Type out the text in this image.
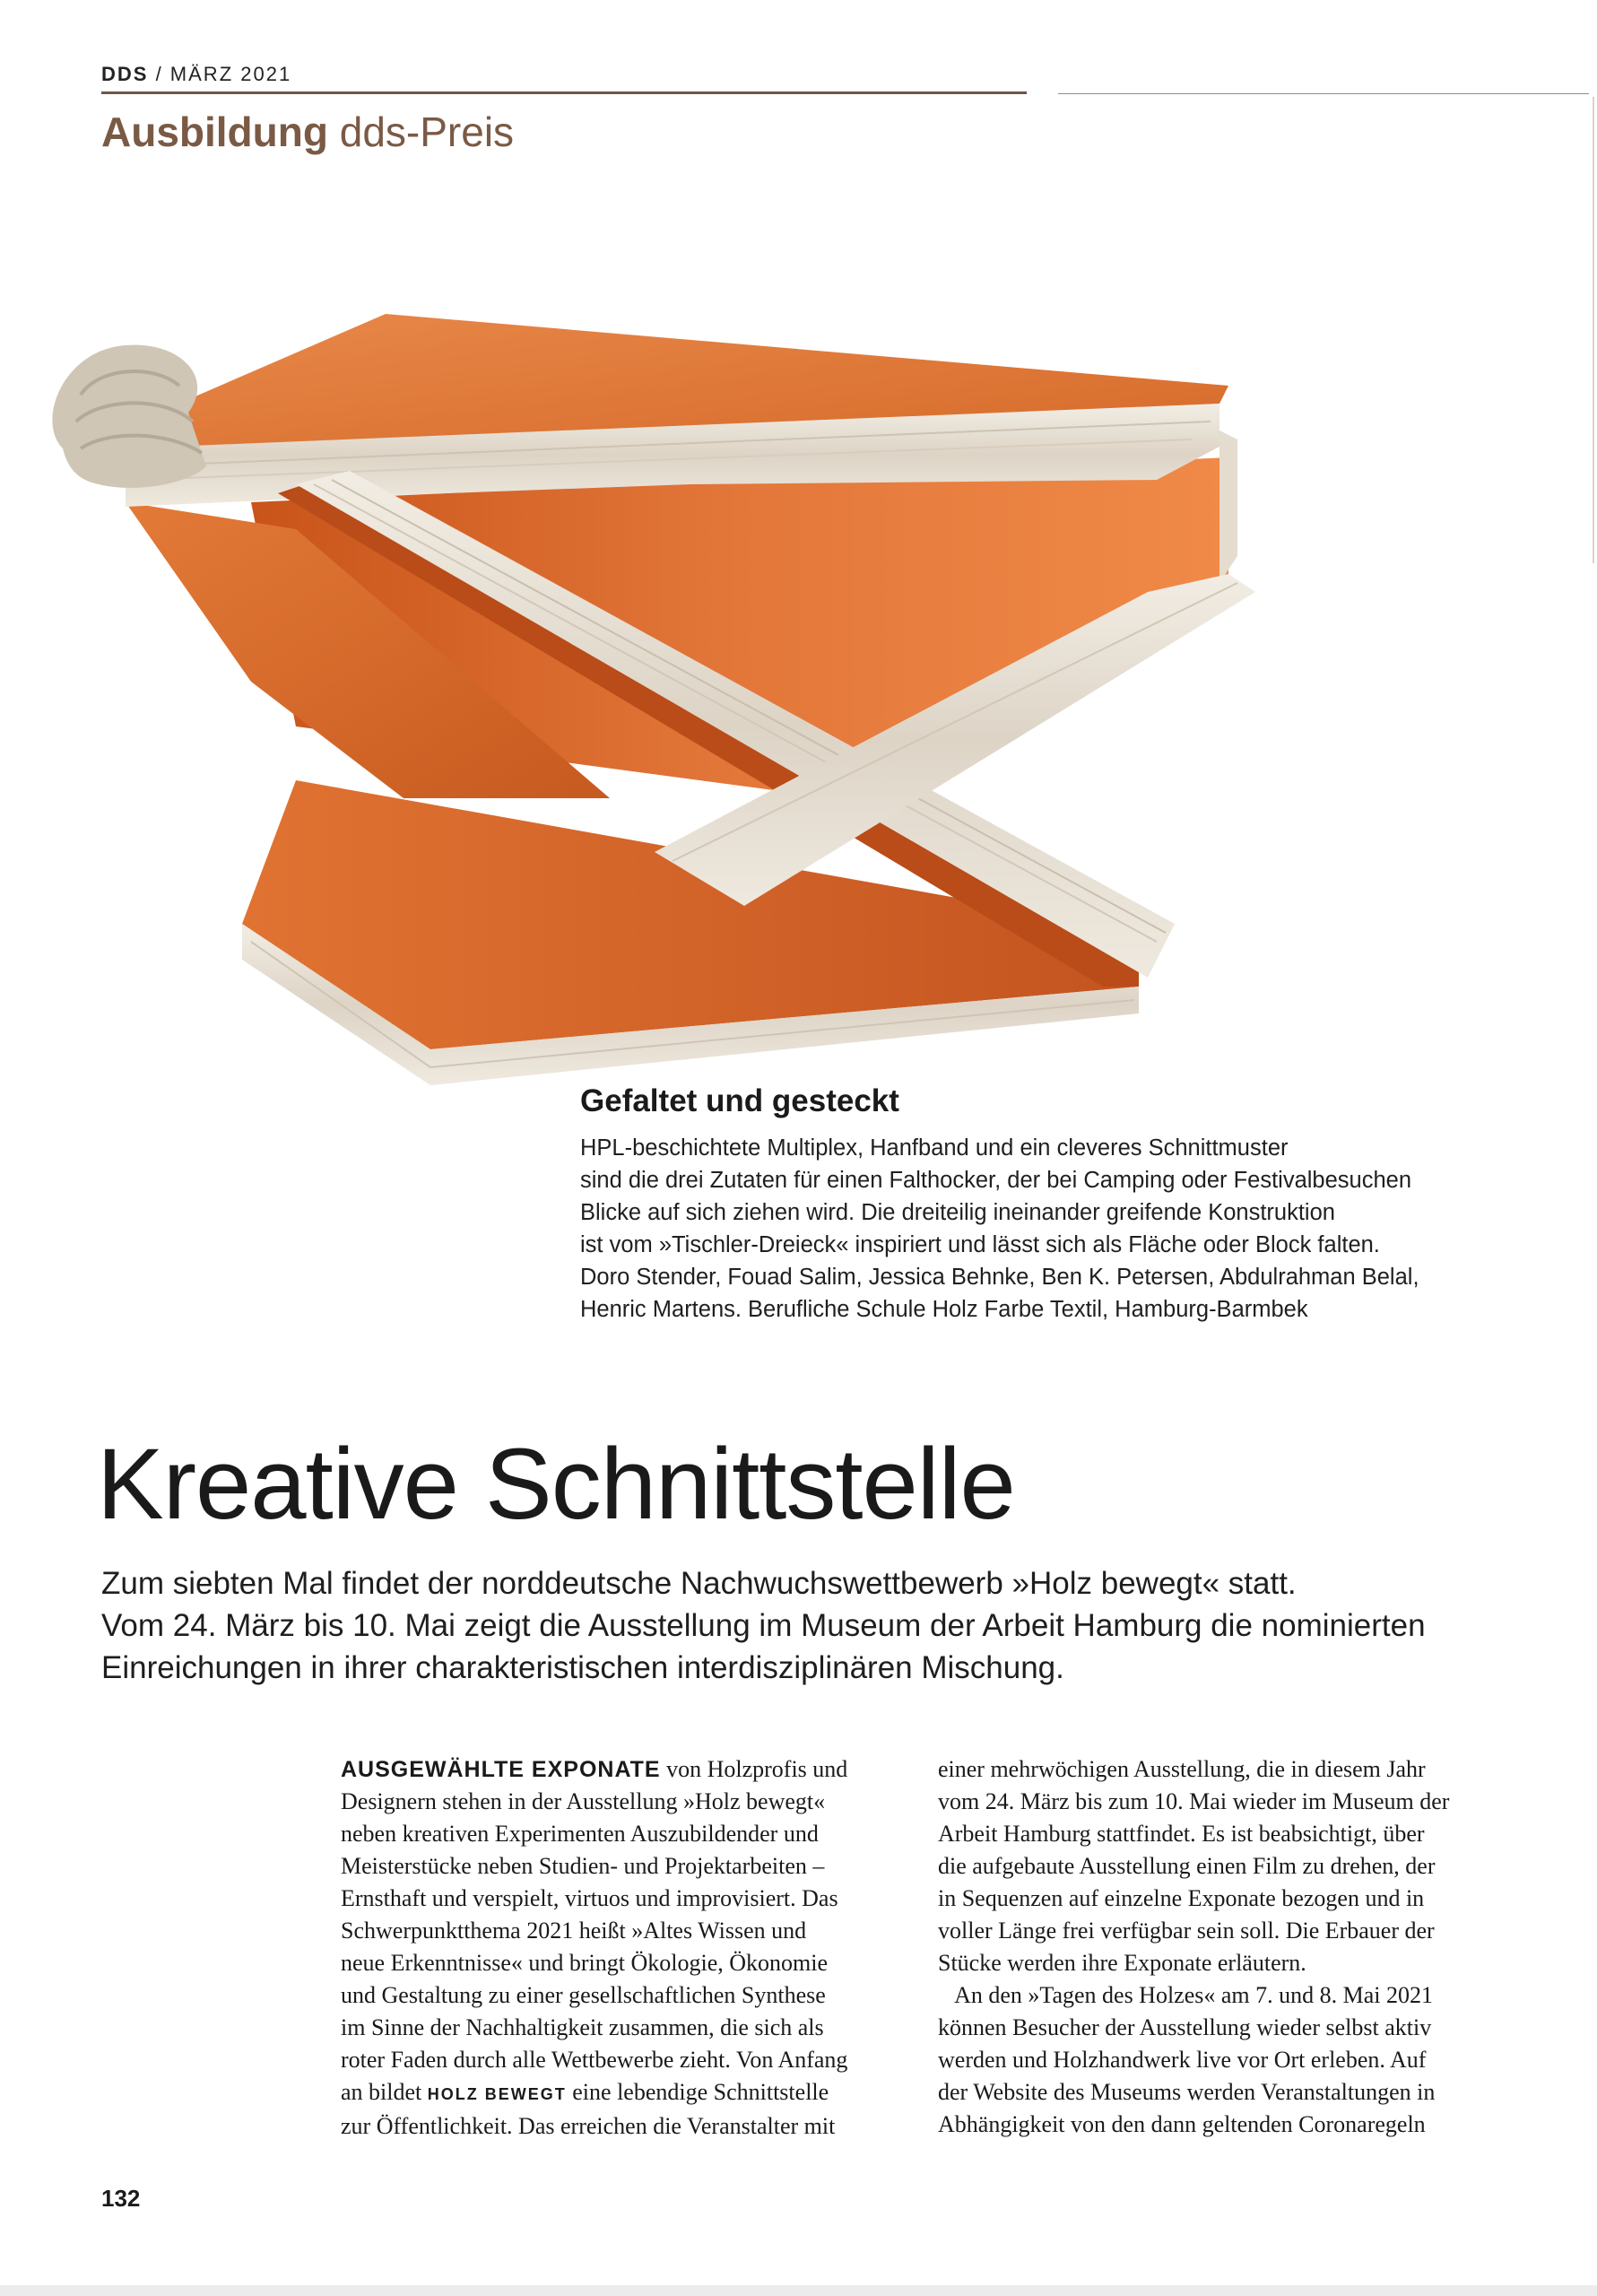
DDS / MÄRZ 2021
Ausbildung dds-Preis
Gefaltet und gesteckt
HPL-beschichtete Multiplex, Hanfband und ein cleveres Schnittmuster
sind die drei Zutaten für einen Falthocker, der bei Camping oder Festivalbesuchen
Blicke auf sich ziehen wird. Die dreiteilig ineinander greifende Konstruktion
ist vom »Tischler-Dreieck« inspiriert und lässt sich als Fläche oder Block falten.
Doro Stender, Fouad Salim, Jessica Behnke, Ben K. Petersen, Abdulrahman Belal,
Henric Martens. Berufliche Schule Holz Farbe Textil, Hamburg-Barmbek
Kreative Schnittstelle
Zum siebten Mal findet der norddeutsche Nachwuchswettbewerb »Holz bewegt« statt.
Vom 24. März bis 10. Mai zeigt die Ausstellung im Museum der Arbeit Hamburg die nominierten
Einreichungen in ihrer charakteristischen interdisziplinären Mischung.
AUSGEWÄHLTE EXPONATE von Holzprofis und
Designern stehen in der Ausstellung »Holz bewegt«
neben kreativen Experimenten Auszubildender und
Meisterstücke neben Studien- und Projektarbeiten –
Ernsthaft und verspielt, virtuos und improvisiert. Das
Schwerpunktthema 2021 heißt »Altes Wissen und
neue Erkenntnisse« und bringt Ökologie, Ökonomie
und Gestaltung zu einer gesellschaftlichen Synthese
im Sinne der Nachhaltigkeit zusammen, die sich als
roter Faden durch alle Wettbewerbe zieht. Von Anfang
an bildet HOLZ BEWEGT eine lebendige Schnittstelle
zur Öffentlichkeit. Das erreichen die Veranstalter mit
einer mehrwöchigen Ausstellung, die in diesem Jahr
vom 24. März bis zum 10. Mai wieder im Museum der
Arbeit Hamburg stattfindet. Es ist beabsichtigt, über
die aufgebaute Ausstellung einen Film zu drehen, der
in Sequenzen auf einzelne Exponate bezogen und in
voller Länge frei verfügbar sein soll. Die Erbauer der
Stücke werden ihre Exponate erläutern.
An den »Tagen des Holzes« am 7. und 8. Mai 2021
können Besucher der Ausstellung wieder selbst aktiv
werden und Holzhandwerk live vor Ort erleben. Auf
der Website des Museums werden Veranstaltungen in
Abhängigkeit von den dann geltenden Coronaregeln
132
